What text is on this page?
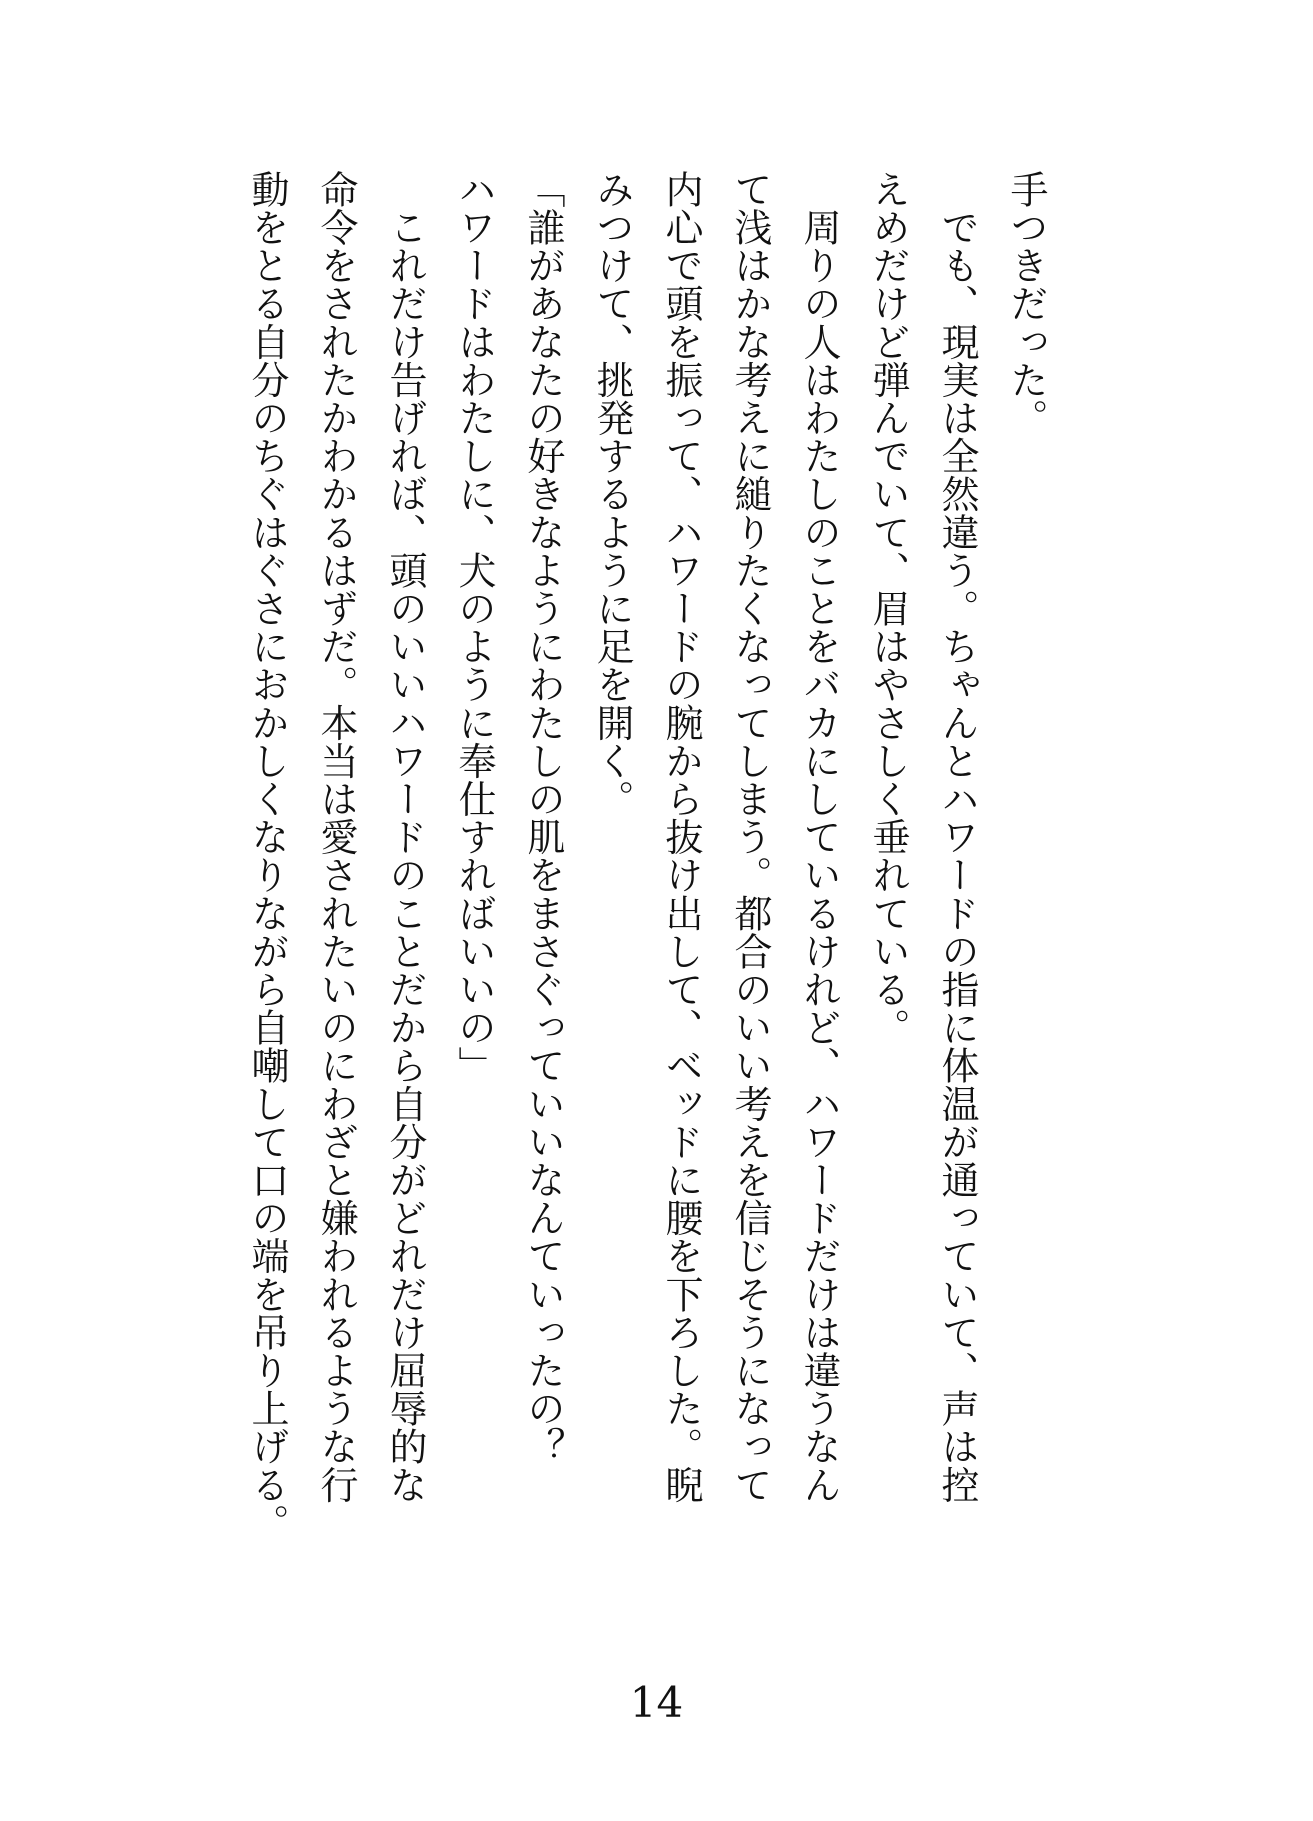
手つきだった。
　でも、現実は全然違う。ちゃんとハワードの指に体温が通っていて、声は控
えめだけど弾んでいて、眉はやさしく垂れている。
　周りの人はわたしのことをバカにしているけれど、ハワードだけは違うなん
て浅はかな考えに縋りたくなってしまう。都合のいい考えを信じそうになって
内心で頭を振って、ハワードの腕から抜け出して、ベッドに腰を下ろした。睨
みつけて、挑発するように足を開く。
「誰があなたの好きなようにわたしの肌をまさぐっていいなんていったの？
ハワードはわたしに、犬のように奉仕すればいいの」
　これだけ告げれば、頭のいいハワードのことだから自分がどれだけ屈辱的な
命令をされたかわかるはずだ。本当は愛されたいのにわざと嫌われるような行
動をとる自分のちぐはぐさにおかしくなりながら自嘲して口の端を吊り上げる。
14
